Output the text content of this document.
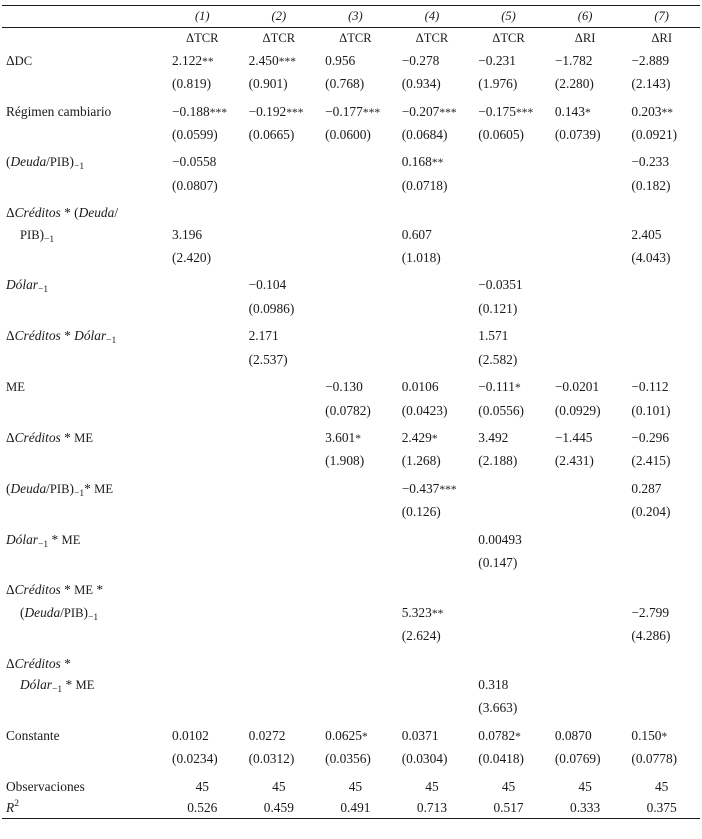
	(1)	(2)	(3)	(4)	(5)	(6)	(7)
	ΔTCR	ΔTCR	ΔTCR	ΔTCR	ΔTCR	ΔRI	ΔRI
ΔDC	2.122**	2.450***	0.956	−0.278	−0.231	−1.782	−2.889
	(0.819)	(0.901)	(0.768)	(0.934)	(1.976)	(2.280)	(2.143)

Régimen cambiario	−0.188***	−0.192***	−0.177***	−0.207***	−0.175***	0.143*	0.203**
	(0.0599)	(0.0665)	(0.0600)	(0.0684)	(0.0605)	(0.0739)	(0.0921)

$(Deuda/PIB)_{-1}$	−0.0558			0.168**			−0.233
	(0.0807)			(0.0718)			(0.182)

ΔCréditos * (Deuda/							
$PIB)_{-1}$	3.196			0.607			2.405
	(2.420)			(1.018)			(4.043)

Dólar$_{-1}$		−0.104			−0.0351		
		(0.0986)			(0.121)		

ΔCréditos * Dólar$_{-1}$		2.171			1.571		
		(2.537)			(2.582)		

ME			−0.130	0.0106	−0.111*	−0.0201	−0.112
			(0.0782)	(0.0423)	(0.0556)	(0.0929)	(0.101)

ΔCréditos * ME			3.601*	2.429*	3.492	−1.445	−0.296
			(1.908)	(1.268)	(2.188)	(2.431)	(2.415)

$(Deuda/PIB)_{-1}*$ ME				−0.437***			0.287
				(0.126)			(0.204)

Dólar$_{-1}$ * ME					0.00493		
					(0.147)		

ΔCréditos * ME *							
$(Deuda/PIB)_{-1}$				5.323**			−2.799
				(2.624)			(4.286)

ΔCréditos *							
Dólar$_{-1}$ * ME					0.318		
					(3.663)		

Constante	0.0102	0.0272	0.0625*	0.0371	0.0782*	0.0870	0.150*
	(0.0234)	(0.0312)	(0.0356)	(0.0304)	(0.0418)	(0.0769)	(0.0778)

Observaciones	45	45	45	45	45	45	45
$R^2$	0.526	0.459	0.491	0.713	0.517	0.333	0.375
